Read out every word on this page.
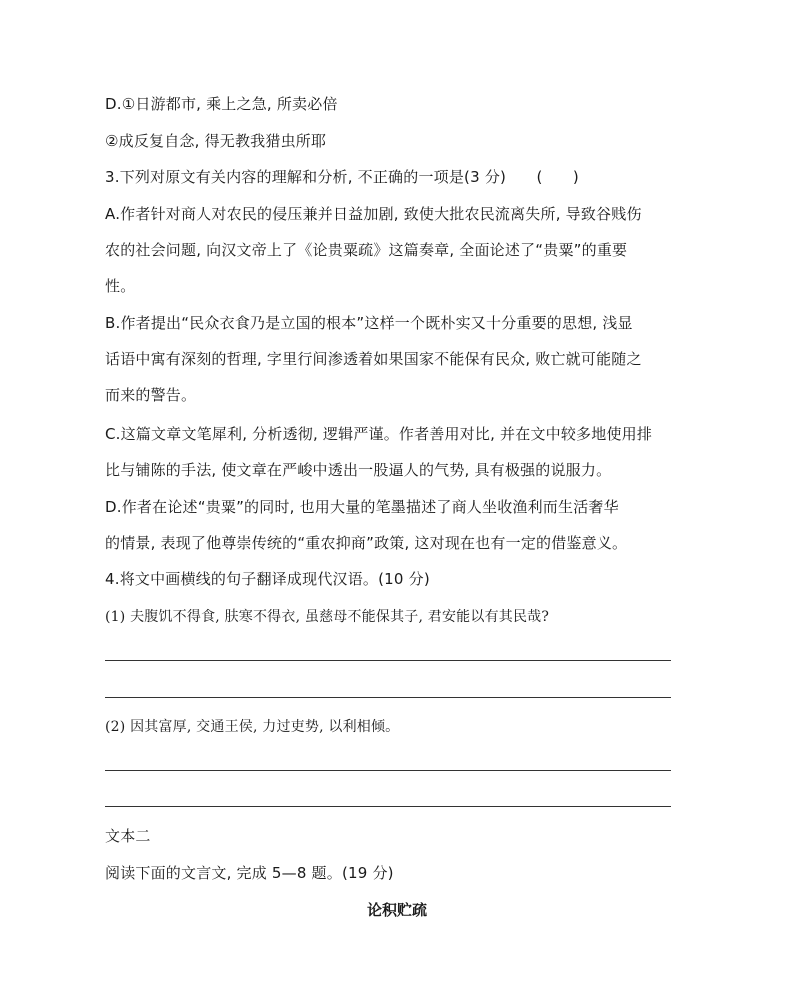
D.①日游都市, 乘上之急, 所卖必倍
②成反复自念, 得无教我猎虫所耶
3.下列对原文有关内容的理解和分析, 不正确的一项是(3 分)　　(　　)
A.作者针对商人对农民的侵压兼并日益加剧, 致使大批农民流离失所, 导致谷贱伤
农的社会问题, 向汉文帝上了《论贵粟疏》这篇奏章, 全面论述了“贵粟”的重要
性。
B.作者提出“民众衣食乃是立国的根本”这样一个既朴实又十分重要的思想, 浅显
话语中寓有深刻的哲理, 字里行间渗透着如果国家不能保有民众, 败亡就可能随之
而来的警告。
C.这篇文章文笔犀利, 分析透彻, 逻辑严谨。作者善用对比, 并在文中较多地使用排
比与铺陈的手法, 使文章在严峻中透出一股逼人的气势, 具有极强的说服力。
D.作者在论述“贵粟”的同时, 也用大量的笔墨描述了商人坐收渔利而生活奢华
的情景, 表现了他尊崇传统的“重农抑商”政策, 这对现在也有一定的借鉴意义。
4.将文中画横线的句子翻译成现代汉语。(10 分)
(1) 夫腹饥不得食, 肤寒不得衣, 虽慈母不能保其子, 君安能以有其民哉?
(2) 因其富厚, 交通王侯, 力过吏势, 以利相倾。
文本二
阅读下面的文言文, 完成 5—8 题。(19 分)
论积贮疏
